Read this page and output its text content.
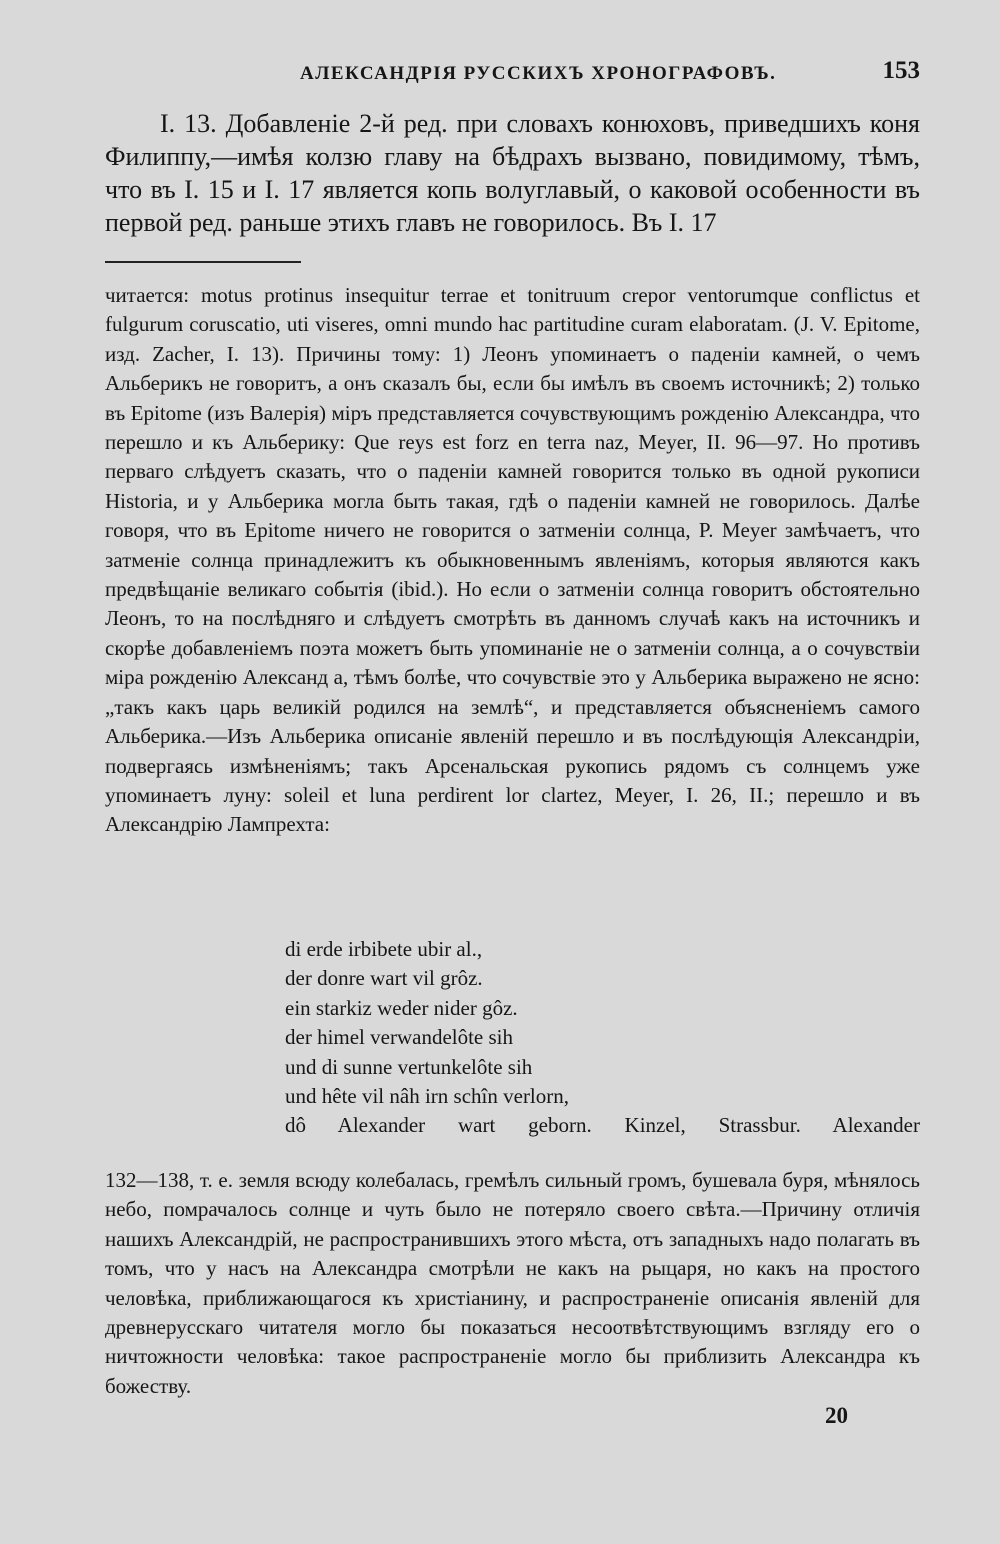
АЛЕКСАНДРІЯ РУССКИХЪ ХРОНОГРАФОВЪ.	153

I. 13. Добавленіе 2-й ред. при словахъ конюховъ, приведшихъ коня Филиппу,—имѣя колзю главу на бѣдрахъ вызвано, повидимому, тѣмъ, что въ I. 15 и I. 17 является копь волуглавый, о каковой особенности въ первой ред. раньше этихъ главъ не говорилось. Въ I. 17

читается: motus protinus insequitur terrae et tonitruum crepor ventorumque conflictus et fulgurum coruscatio, uti viseres, omni mundo hac partitudine curam elaboratam. (J. V. Epitome, изд. Zacher, I. 13). Причины тому: 1) Леонъ упоминаетъ о паденіи камней, о чемъ Альберикъ не говоритъ, а онъ сказалъ бы, если бы имѣлъ въ своемъ источникѣ; 2) только въ Epitome (изъ Валерія) міръ представляется сочувствующимъ рожденію Александра, что перешло и къ Альберику: Que reys est forz en terra naz, Meyer, II. 96—97. Но противъ перваго слѣдуетъ сказать, что о паденіи камней говорится только въ одной рукописи Historia, и у Альберика могла быть такая, гдѣ о паденіи камней не говорилось. Далѣе говоря, что въ Epitome ничего не говорится о затменіи солнца, P. Meyer замѣчаетъ, что затменіе солнца принадлежитъ къ обыкновеннымъ явленіямъ, которыя являются какъ предвѣщаніе великаго событія (ibid.). Но если о затменіи солнца говоритъ обстоятельно Леонъ, то на послѣдняго и слѣдуетъ смотрѣть въ данномъ случаѣ какъ на источникъ и скорѣе добавленіемъ поэта можетъ быть упоминаніе не о затменіи солнца, а о сочувствіи міра рожденію Александ а, тѣмъ болѣе, что сочувствіе это у Альберика выражено не ясно: „такъ какъ царь великій родился на землѣ“, и представляется объясненіемъ самого Альберика.—Изъ Альберика описаніе явленій перешло и въ послѣдующія Александріи, подвергаясь измѣненіямъ; такъ Арсенальская рукопись рядомъ съ солнцемъ уже упоминаетъ луну: soleil et luna perdirent lor clartez, Meyer, I. 26, II.; перешло и въ Александрію Лампрехта:

di erde irbibete ubir al.,
der donre wart vil grôz.
ein starkiz weder nider gôz.
der himel verwandelôte sih
und di sunne vertunkelôte sih
und hête vil nâh irn schîn verlorn,
dô Alexander wart geborn. Kinzel, Strassbur. Alexander

132—138, т. е. земля всюду колебалась, гремѣлъ сильный громъ, бушевала буря, мѣнялось небо, помрачалось солнце и чуть было не потеряло своего свѣта.—Причину отличія нашихъ Александрій, не распространившихъ этого мѣста, отъ западныхъ надо полагать въ томъ, что у насъ на Александра смотрѣли не какъ на рыцаря, но какъ на простого человѣка, приближающагося къ христіанину, и распространеніе описанія явленій для древнерусскаго читателя могло бы показаться несоотвѣтствующимъ взгляду его о ничтожности человѣка: такое распространеніе могло бы приблизить Александра къ божеству.

20
